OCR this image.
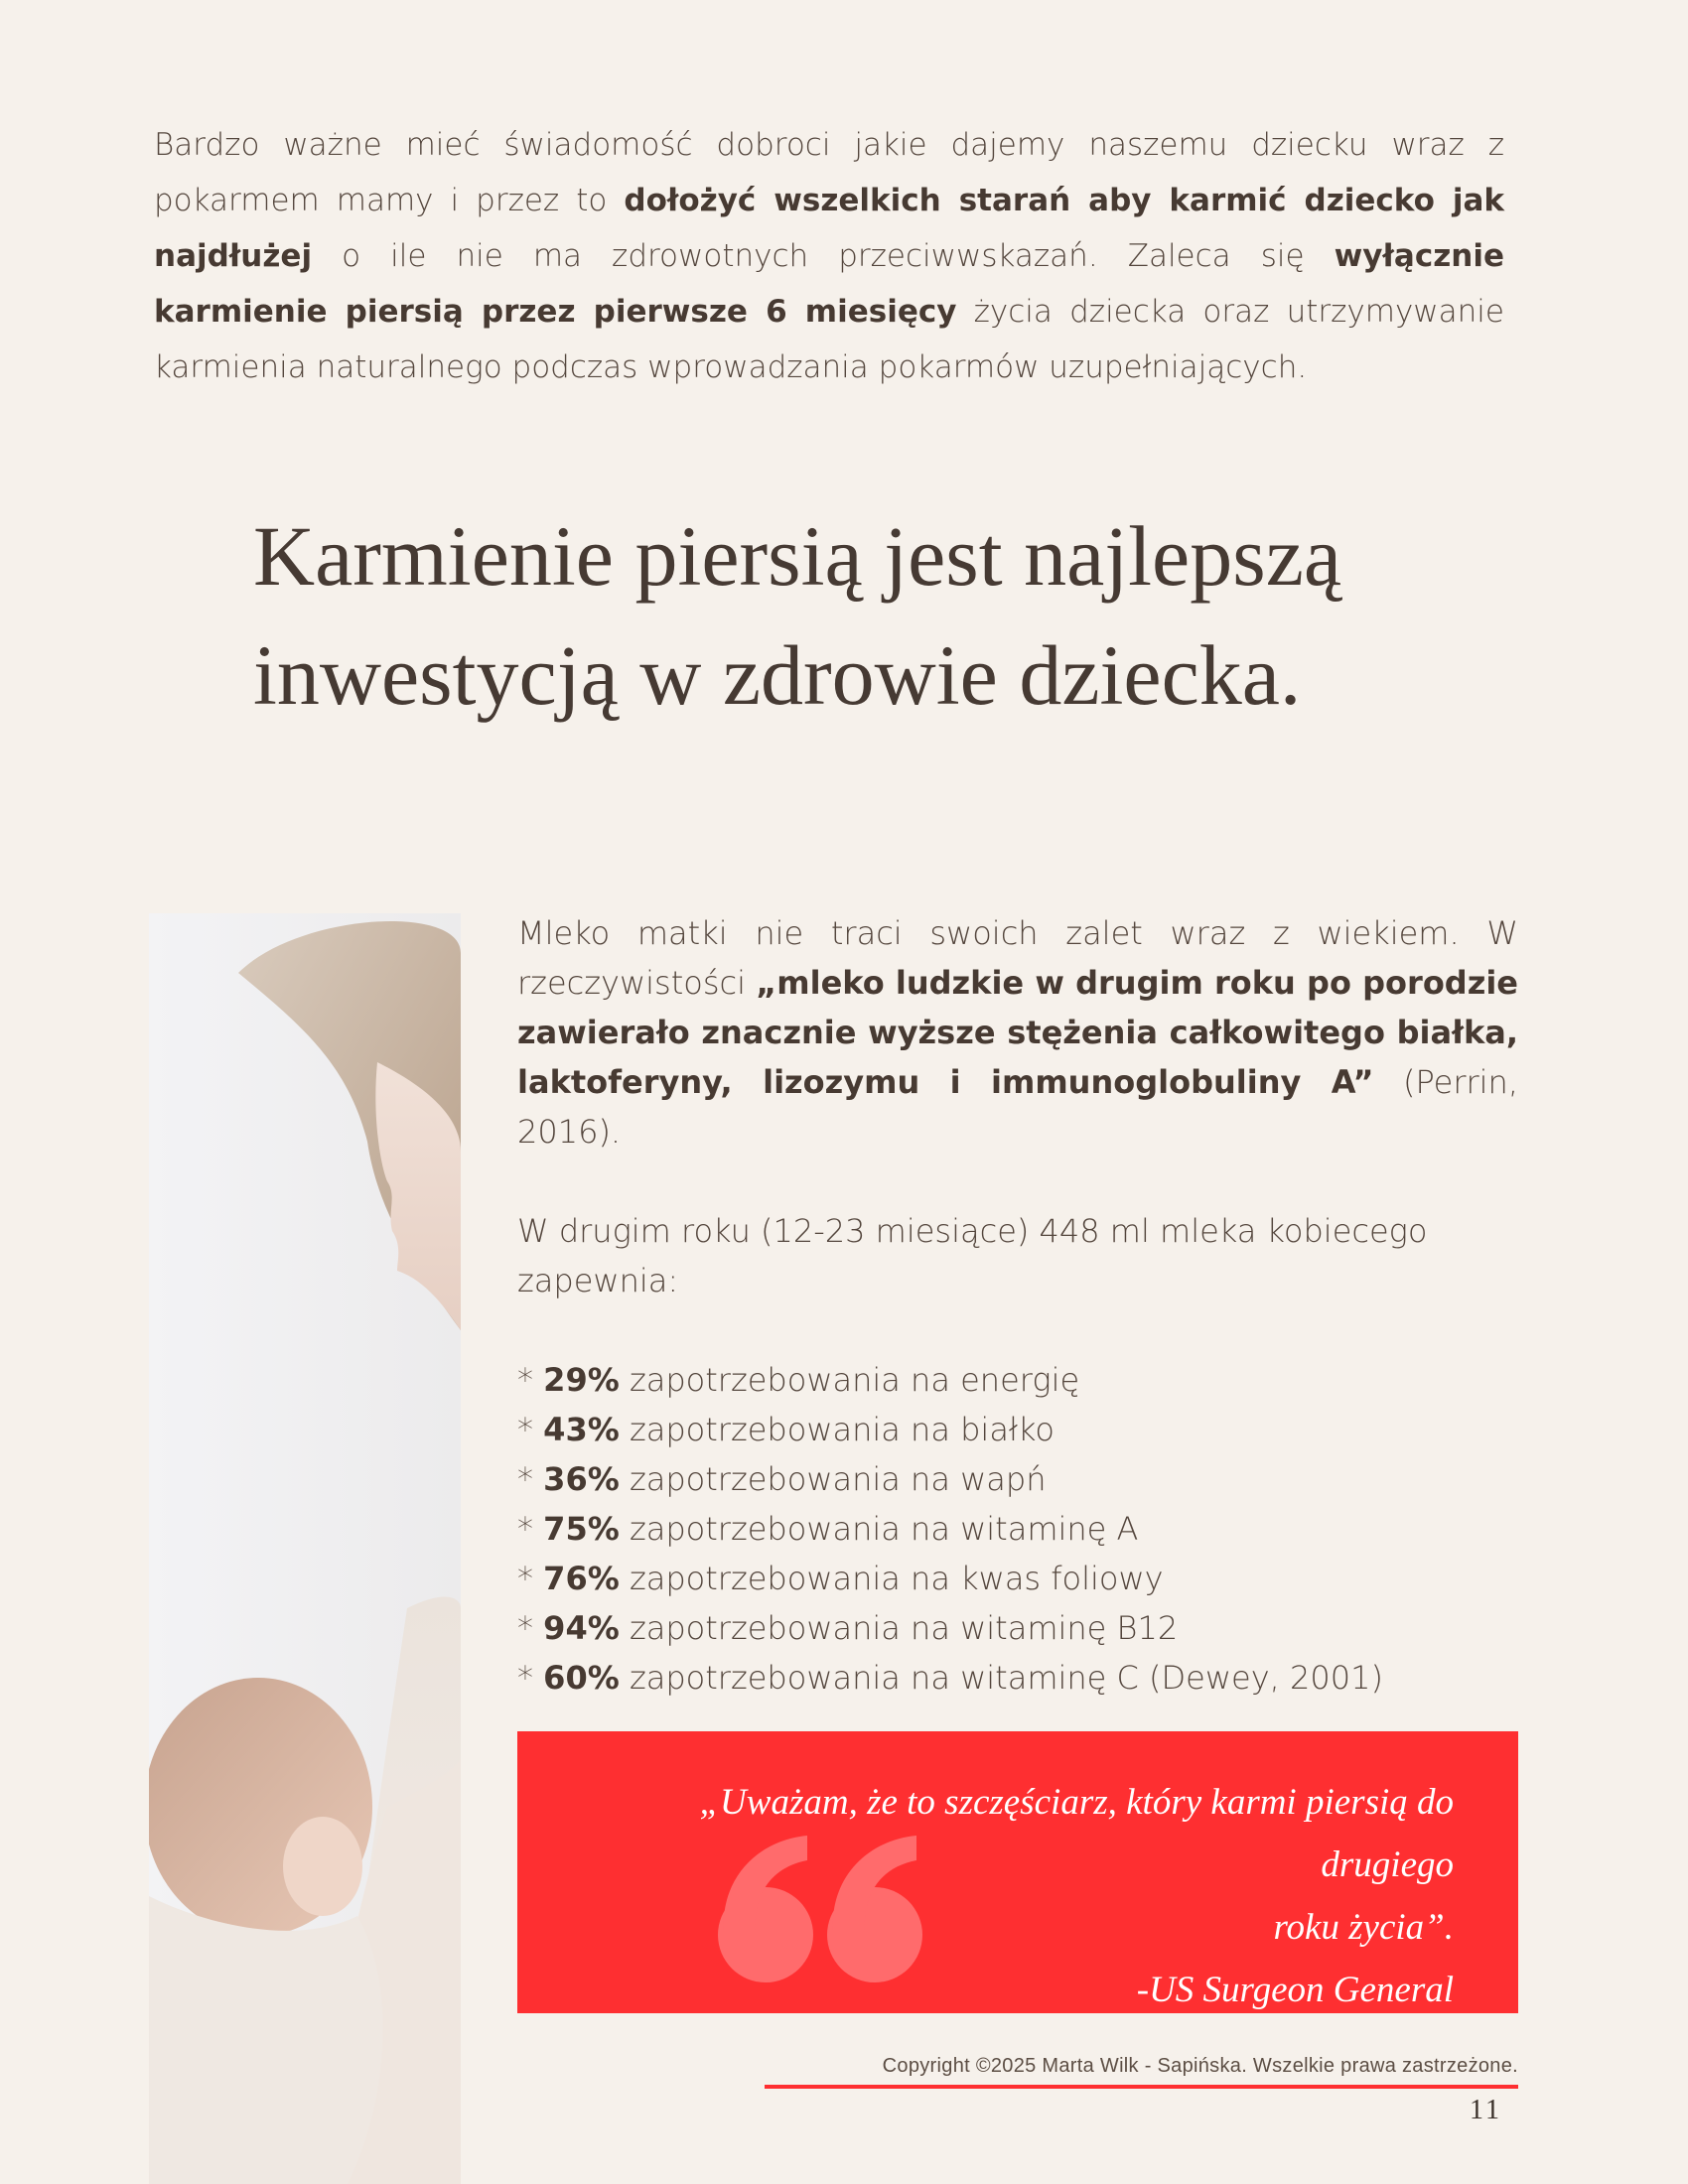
Bardzo ważne mieć świadomość dobroci jakie dajemy naszemu dziecku wraz z pokarmem mamy i przez to dołożyć wszelkich starań aby karmić dziecko jak najdłużej o ile nie ma zdrowotnych przeciwwskazań. Zaleca się wyłącznie karmienie piersią przez pierwsze 6 miesięcy życia dziecka oraz utrzymywanie karmienia naturalnego podczas wprowadzania pokarmów uzupełniających.
Karmienie piersią jest najlepszą
inwestycją w zdrowie dziecka.

Mleko matki nie traci swoich zalet wraz z wiekiem. W rzeczywistości „mleko ludzkie w drugim roku po porodzie zawierało znacznie wyższe stężenia całkowitego białka, laktoferyny, lizozymu i immunoglobuliny A” (Perrin, 2016).

W drugim roku (12-23 miesiące) 448 ml mleka kobiecego zapewnia:

* 29% zapotrzebowania na energię
* 43% zapotrzebowania na białko
* 36% zapotrzebowania na wapń
* 75% zapotrzebowania na witaminę A
* 76% zapotrzebowania na kwas foliowy
* 94% zapotrzebowania na witaminę B12
* 60% zapotrzebowania na witaminę C (Dewey, 2001)
„Uważam, że to szczęściarz, który karmi piersią do drugiego
roku życia”.
-US Surgeon General
Copyright ©2025 Marta Wilk - Sapińska. Wszelkie prawa zastrzeżone.
11
